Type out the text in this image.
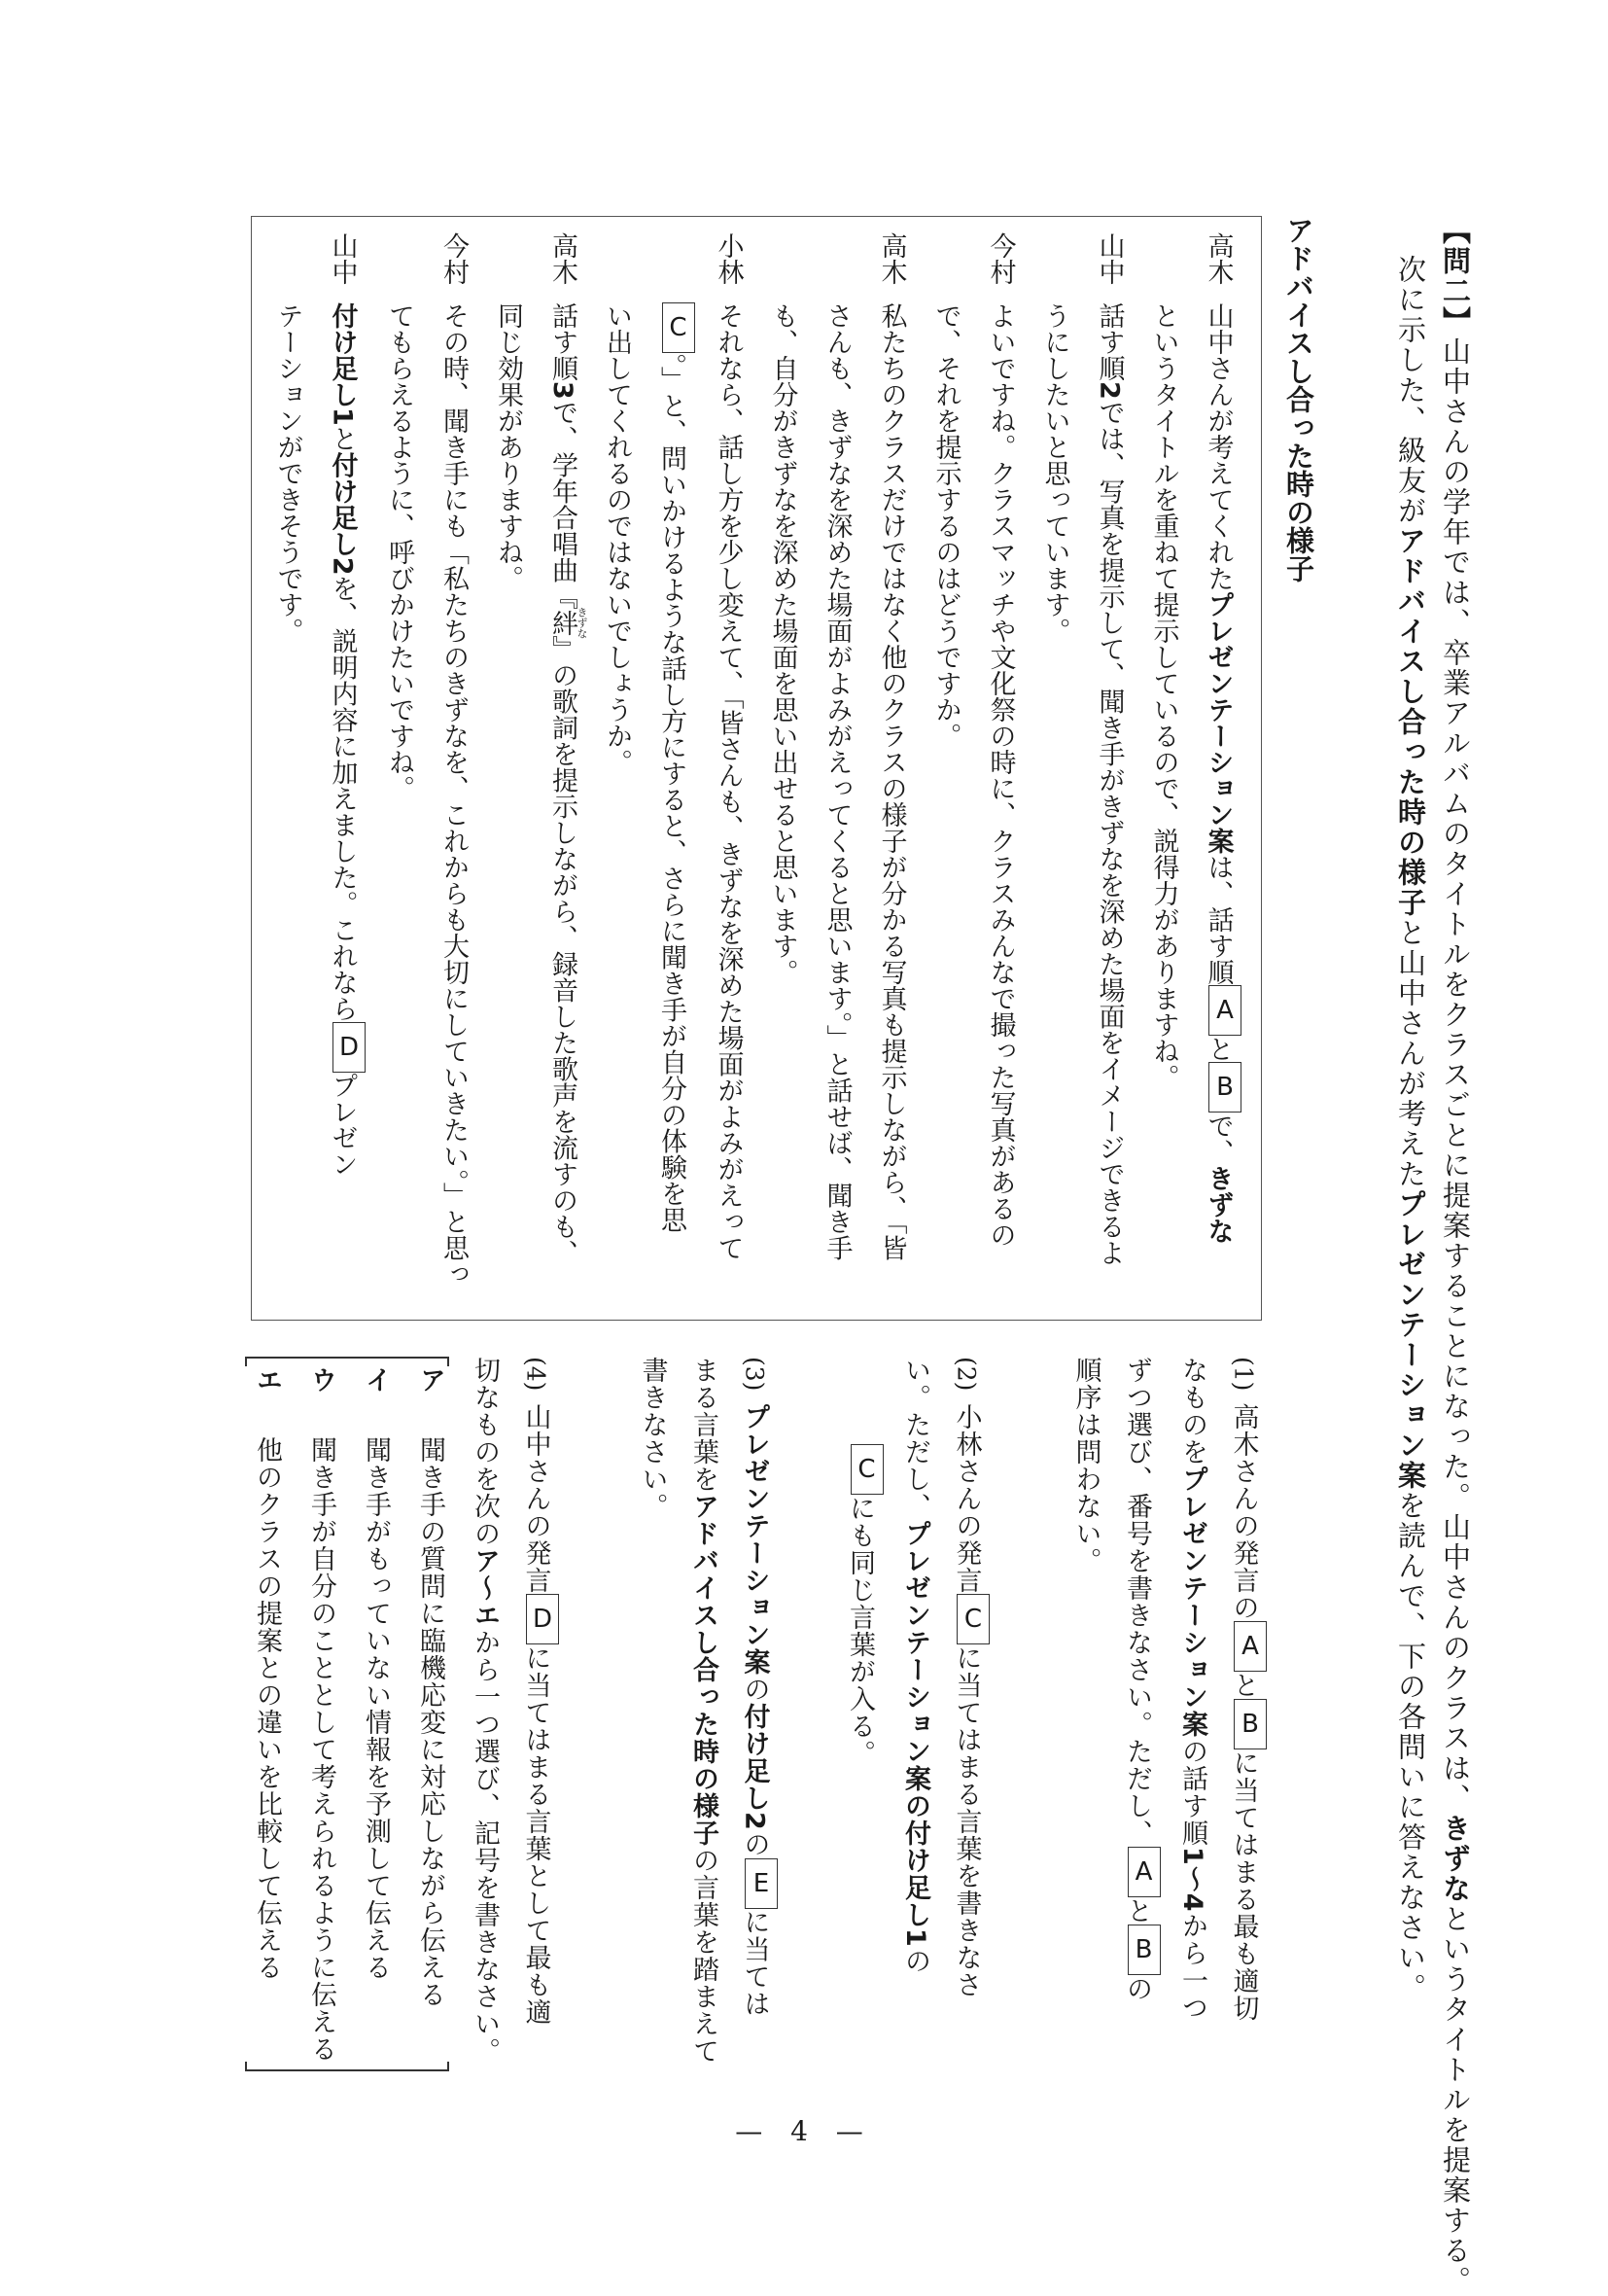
【問二】山中さんの学年では、卒業アルバムのタイトルをクラスごとに提案することになった。山中さんのクラスは、きずなというタイトルを提案する。
次に示した、級友がアドバイスし合った時の様子と山中さんが考えたプレゼンテーション案を読んで、下の各問いに答えなさい。
アドバイスし合った時の様子
高木山中さんが考えてくれたプレゼンテーション案は、話す順AとBで、きずな
というタイトルを重ねて提示しているので、説得力がありますね。
山中話す順2では、写真を提示して、聞き手がきずなを深めた場面をイメージできるよ
うにしたいと思っています。
今村よいですね。クラスマッチや文化祭の時に、クラスみんなで撮った写真があるの
で、それを提示するのはどうですか。
高木私たちのクラスだけではなく他のクラスの様子が分かる写真も提示しながら、「皆
さんも、きずなを深めた場面がよみがえってくると思います。」と話せば、聞き手
も、自分がきずなを深めた場面を思い出せると思います。
小林それなら、話し方を少し変えて、「皆さんも、きずなを深めた場面がよみがえって
C。」と、問いかけるような話し方にすると、さらに聞き手が自分の体験を思
い出してくれるのではないでしょうか。
高木話す順3で、学年合唱曲『絆きずな』の歌詞を提示しながら、録音した歌声を流すのも、
同じ効果がありますね。
今村その時、聞き手にも「私たちのきずなを、これからも大切にしていきたい。」と思っ
てもらえるように、呼びかけたいですね。
山中付け足し1と付け足し2を、説明内容に加えました。これならDプレゼン
テーションができそうです。
(1)高木さんの発言のAとBに当てはまる最も適切
なものをプレゼンテーション案の話す順1〜4から一つ
ずつ選び、番号を書きなさい。ただし、AとBの
順序は問わない。
(2)小林さんの発言Cに当てはまる言葉を書きなさ
い。ただし、プレゼンテーション案の付け足し1の
Cにも同じ言葉が入る。
(3)プレゼンテーション案の付け足し2のEに当ては
まる言葉をアドバイスし合った時の様子の言葉を踏まえて
書きなさい。
(4)山中さんの発言Dに当てはまる言葉として最も適
切なものを次のア〜エから一つ選び、記号を書きなさい。
ア聞き手の質問に臨機応変に対応しながら伝える
イ聞き手がもっていない情報を予測して伝える
ウ聞き手が自分のこととして考えられるように伝える
エ他のクラスの提案との違いを比較して伝える
— 4 —
